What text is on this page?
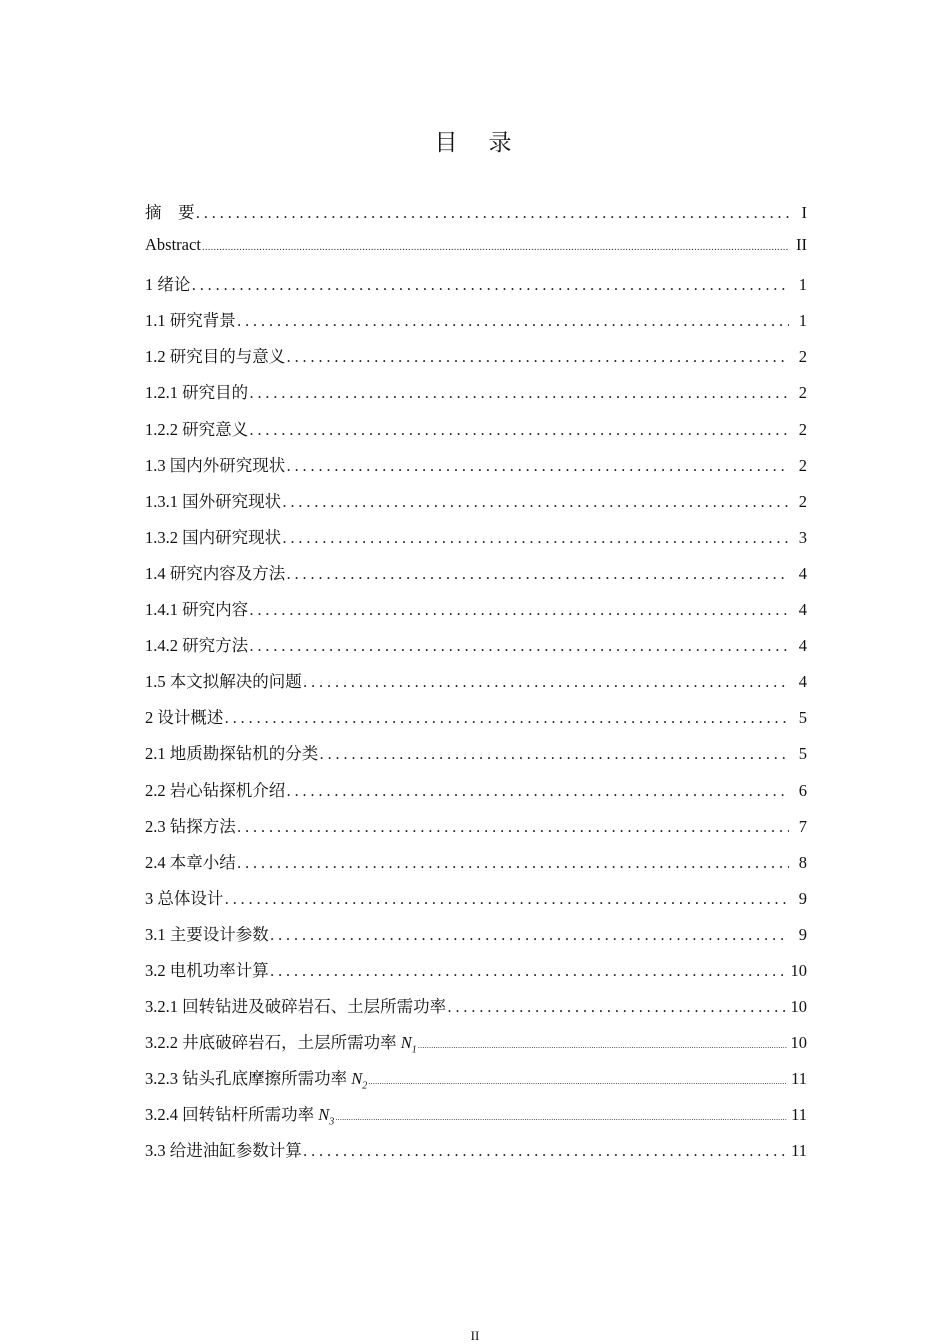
目　录
摘　要 .....	I
Abstract .....	II
1 绪论 .....	1
1.1 研究背景 .....	1
1.2 研究目的与意义 .....	2
1.2.1 研究目的 .....	2
1.2.2 研究意义 .....	2
1.3 国内外研究现状 .....	2
1.3.1 国外研究现状 .....	2
1.3.2 国内研究现状 .....	3
1.4 研究内容及方法 .....	4
1.4.1 研究内容 .....	4
1.4.2 研究方法 .....	4
1.5 本文拟解决的问题 .....	4
2 设计概述 .....	5
2.1 地质勘探钻机的分类 .....	5
2.2 岩心钻探机介绍 .....	6
2.3 钻探方法 .....	7
2.4 本章小结 .....	8
3 总体设计 .....	9
3.1 主要设计参数 .....	9
3.2 电机功率计算 .....	10
3.2.1 回转钻进及破碎岩石、土层所需功率 .....	10
3.2.2 井底破碎岩石，土层所需功率 $N_1$ .....	10
3.2.3 钻头孔底摩擦所需功率 $N_2$ .....	11
3.2.4 回转钻杆所需功率 $N_3$ .....	11
3.3 给进油缸参数计算 .....	11
II
